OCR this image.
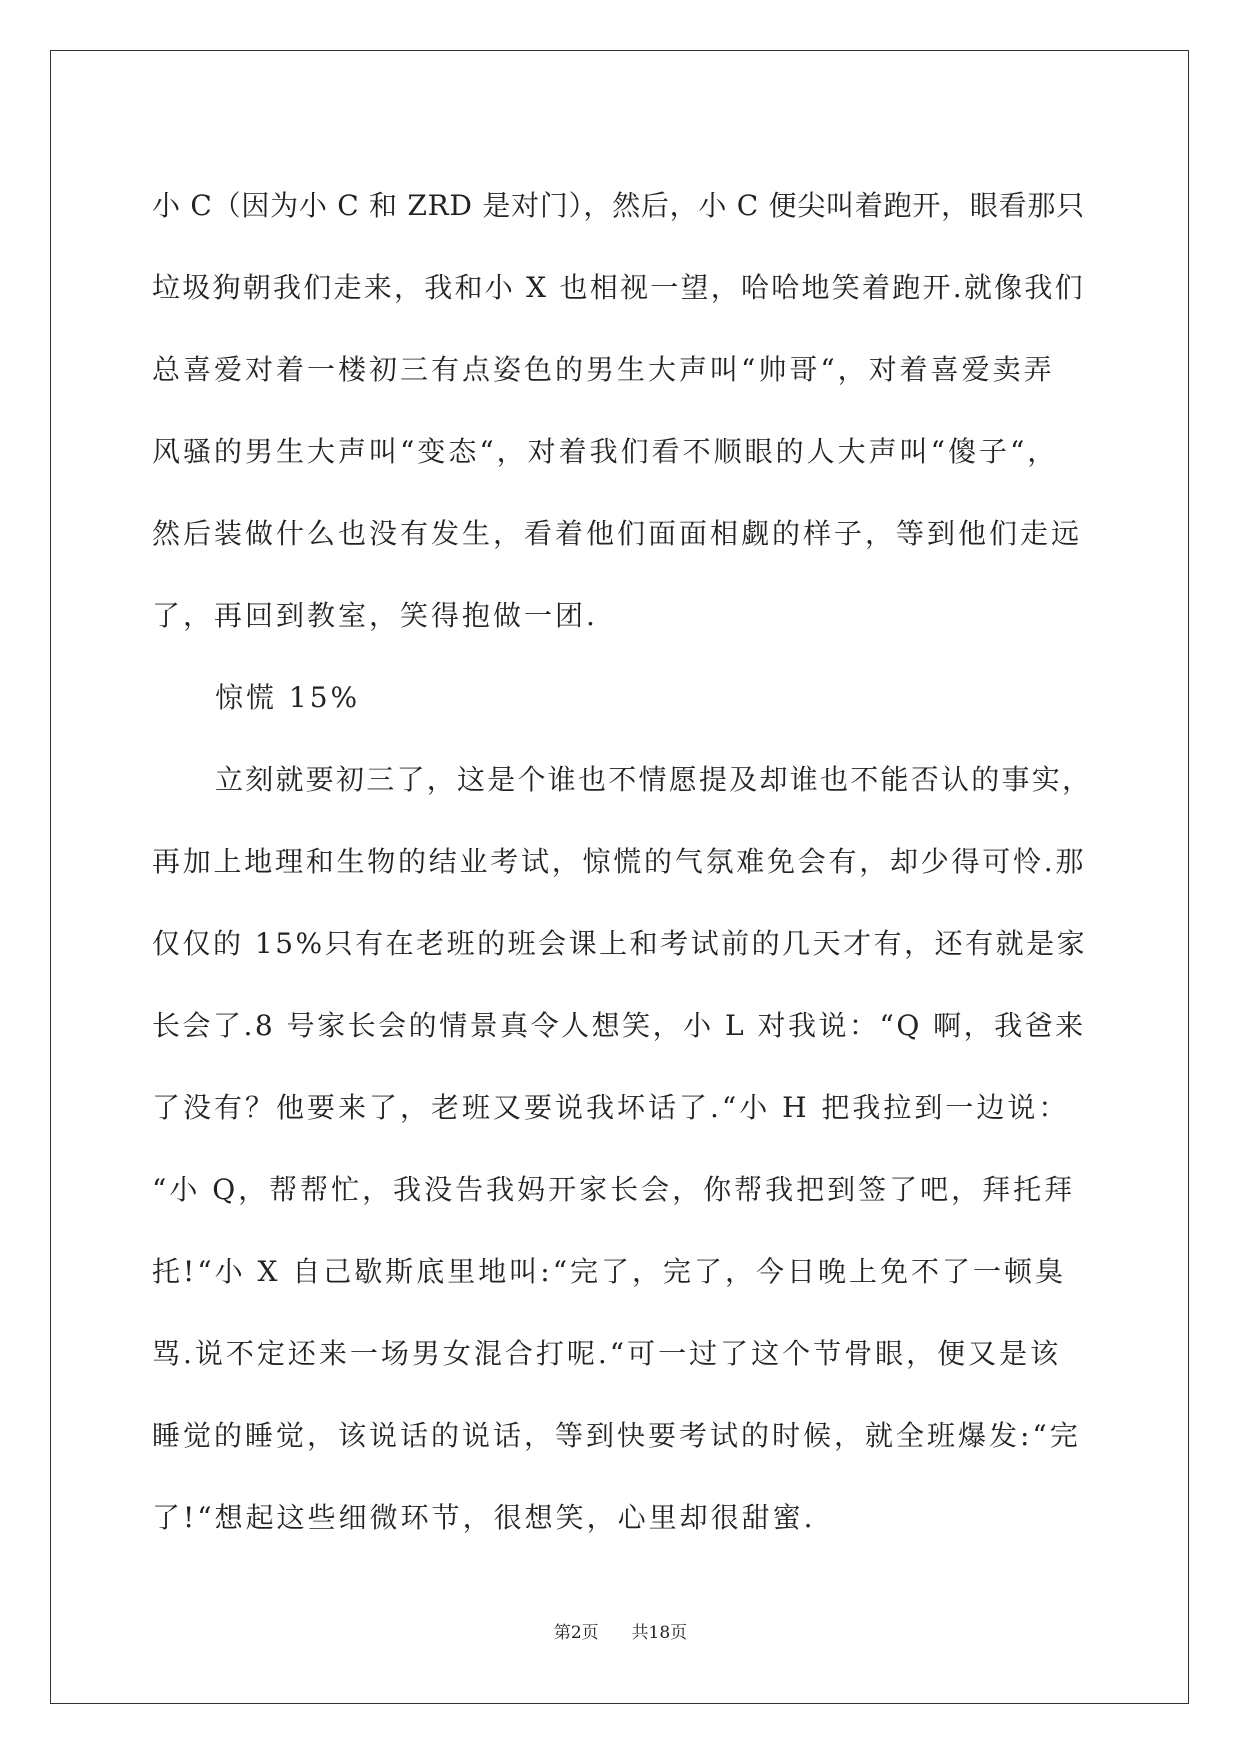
小 C（因为小 C 和 ZRD 是对门），然后，小 C 便尖叫着跑开，眼看那只
垃圾狗朝我们走来，我和小 X 也相视一望，哈哈地笑着跑开.就像我们
总喜爱对着一楼初三有点姿色的男生大声叫“帅哥“，对着喜爱卖弄
风骚的男生大声叫“变态“，对着我们看不顺眼的人大声叫“傻子“，
然后装做什么也没有发生，看着他们面面相觑的样子，等到他们走远
了，再回到教室，笑得抱做一团.
惊慌 15%
立刻就要初三了，这是个谁也不情愿提及却谁也不能否认的事实，
再加上地理和生物的结业考试，惊慌的气氛难免会有，却少得可怜.那
仅仅的 15%只有在老班的班会课上和考试前的几天才有，还有就是家
长会了.8 号家长会的情景真令人想笑，小 L 对我说：“Q 啊，我爸来
了没有？他要来了，老班又要说我坏话了.“小 H 把我拉到一边说：
“小 Q，帮帮忙，我没告我妈开家长会，你帮我把到签了吧，拜托拜
托!“小 X 自己歇斯底里地叫:“完了，完了，今日晚上免不了一顿臭
骂.说不定还来一场男女混合打呢.“可一过了这个节骨眼，便又是该
睡觉的睡觉，该说话的说话，等到快要考试的时候，就全班爆发:“完
了!“想起这些细微环节，很想笑，心里却很甜蜜.
第2页 共18页
